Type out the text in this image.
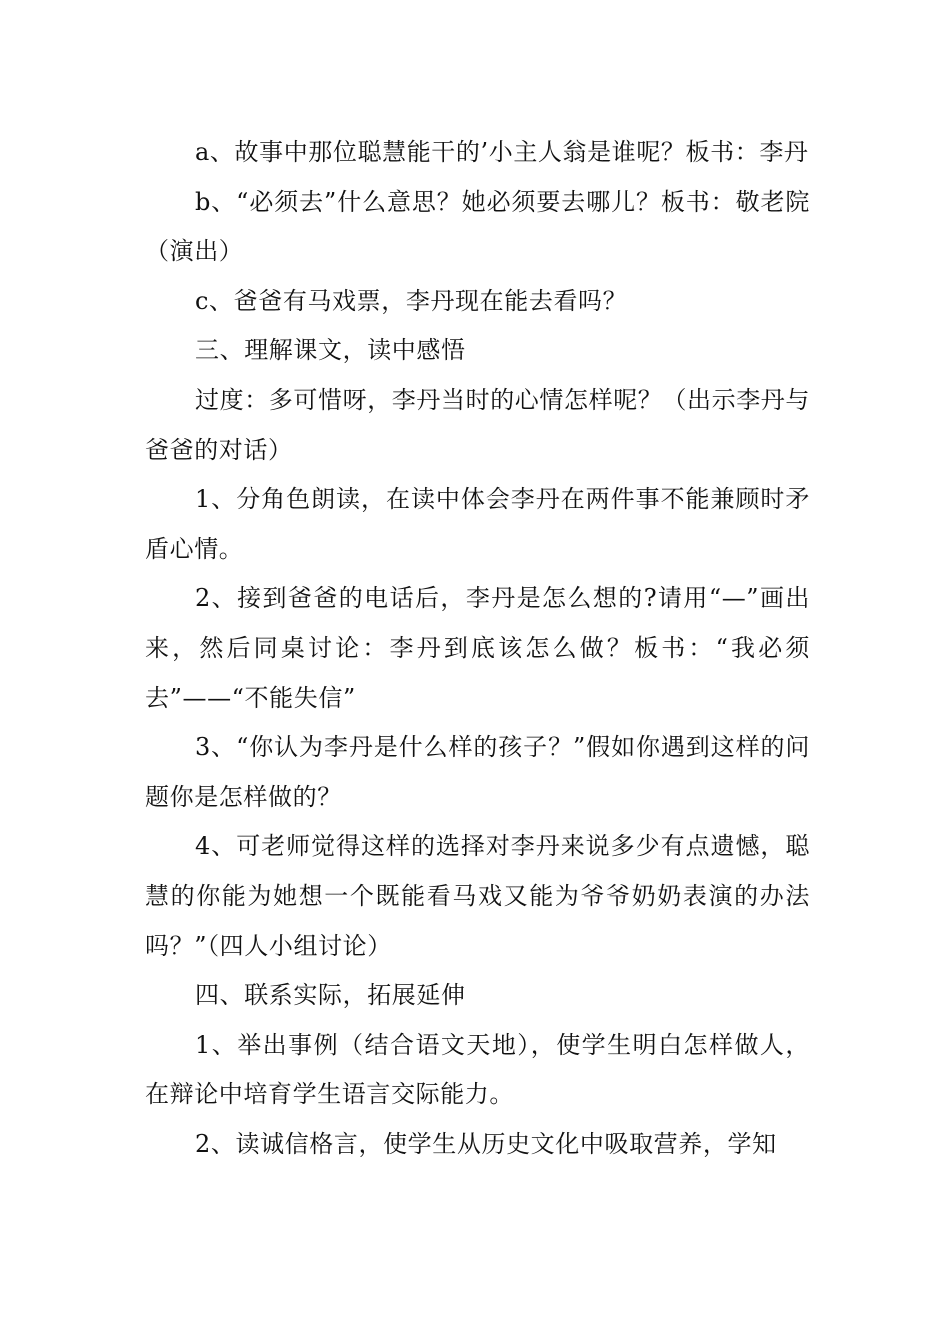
a、故事中那位聪慧能干的’小主人翁是谁呢？板书：李丹

b、“必须去”什么意思？她必须要去哪儿？板书：敬老院（演出）

c、爸爸有马戏票，李丹现在能去看吗？

三、理解课文，读中感悟

过度：多可惜呀，李丹当时的心情怎样呢？（出示李丹与爸爸的对话）

1、分角色朗读，在读中体会李丹在两件事不能兼顾时矛盾心情。

2、接到爸爸的电话后，李丹是怎么想的?请用“—”画出来，然后同桌讨论：李丹到底该怎么做？板书：“我必须去”——“不能失信”

3、“你认为李丹是什么样的孩子？”假如你遇到这样的问题你是怎样做的？

4、可老师觉得这样的选择对李丹来说多少有点遗憾，聪慧的你能为她想一个既能看马戏又能为爷爷奶奶表演的办法吗？”（四人小组讨论）

四、联系实际，拓展延伸

1、举出事例（结合语文天地），使学生明白怎样做人，在辩论中培育学生语言交际能力。

2、读诚信格言，使学生从历史文化中吸取营养，学知
